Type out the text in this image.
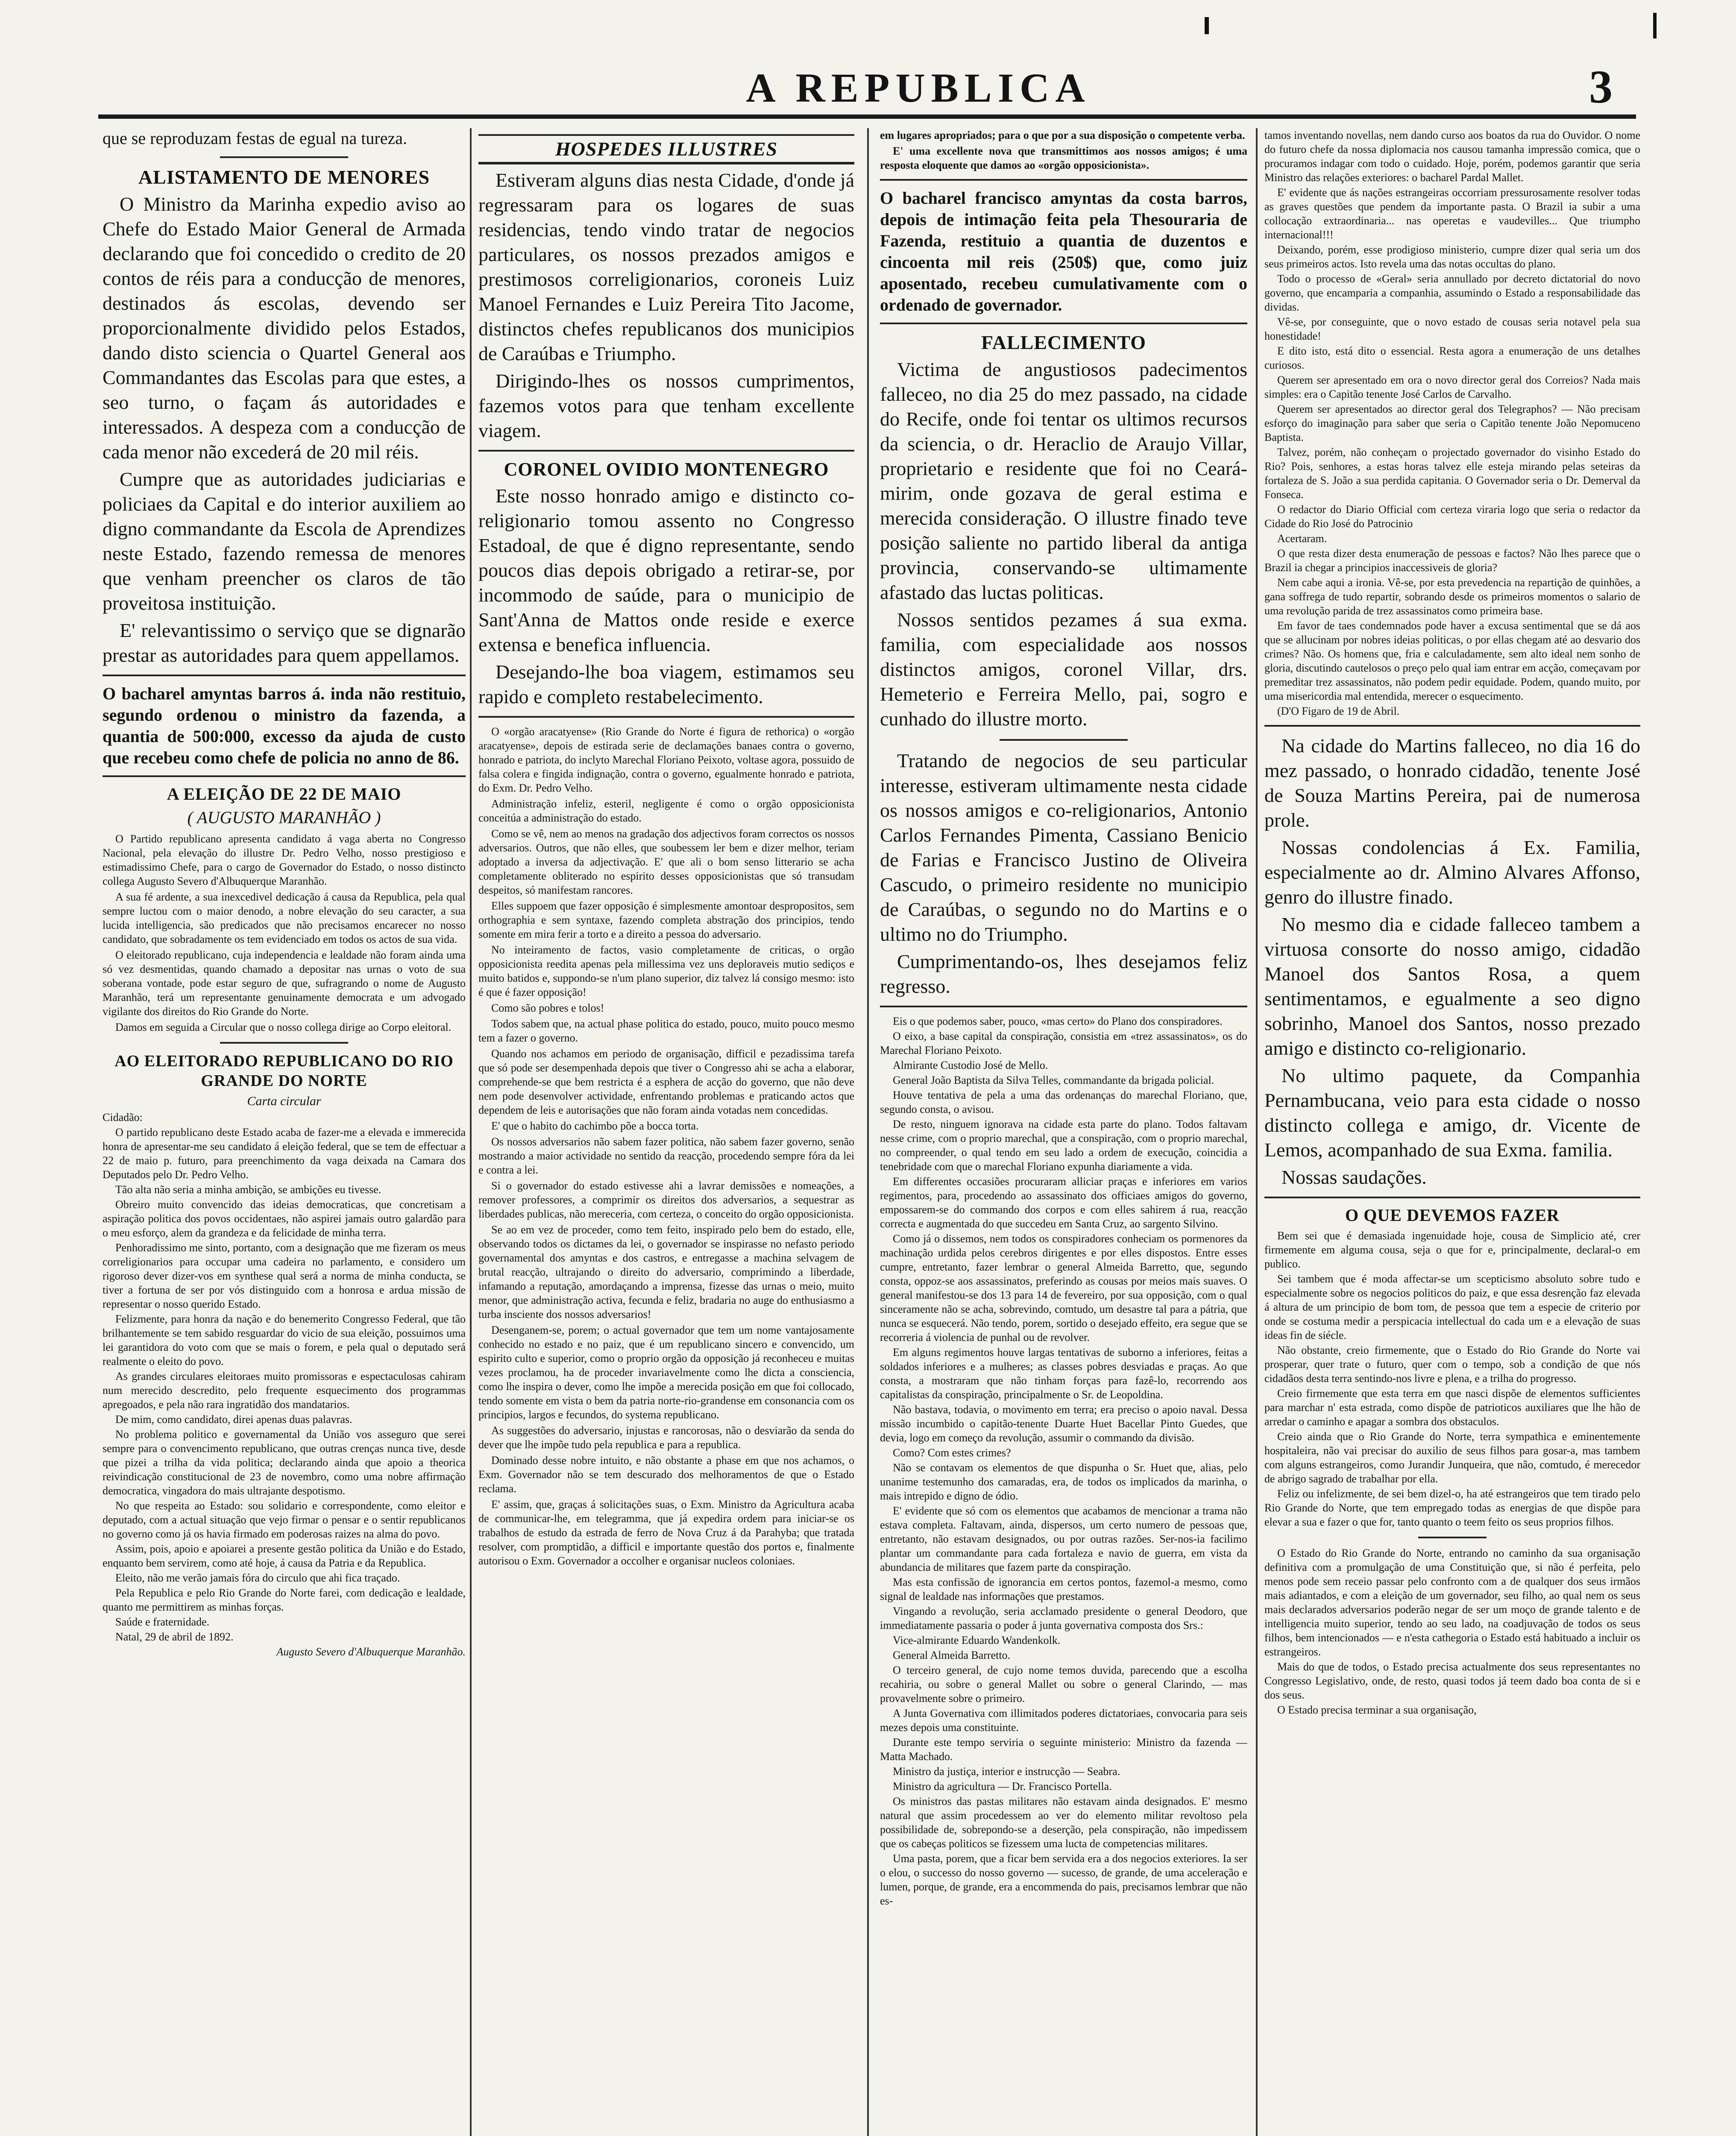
A REPUBLICA	3

que se reproduzam festas de egual na tureza.

ALISTAMENTO DE MENORES

O Ministro da Marinha expedio aviso ao Chefe do Estado Maior General de Armada declarando que foi concedido o credito de 20 contos de réis para a conducção de menores, destinados ás escolas, devendo ser proporcionalmente dividido pelos Estados, dando disto sciencia o Quartel General aos Commandantes das Escolas para que estes, a seo turno, o façam ás autoridades e interessados. A despeza com a conducção de cada menor não excederá de 20 mil réis.

Cumpre que as autoridades judiciarias e policiaes da Capital e do interior auxiliem ao digno commandante da Escola de Aprendizes neste Estado, fazendo remessa de menores que venham preencher os claros de tão proveitosa instituição.

E' relevantissimo o serviço que se dignarão prestar as autoridades para quem appellamos.

O bacharel amyntas barros á. inda não restituio, segundo ordenou o ministro da fazenda, a quantia de 500:000, excesso da ajuda de custo que recebeu como chefe de policia no anno de 86.

A ELEIÇÃO DE 22 DE MAIO
( AUGUSTO MARANHÃO )

O Partido republicano apresenta candidato á vaga aberta no Congresso Nacional, pela elevação do illustre Dr. Pedro Velho, nosso prestigioso e estimadissimo Chefe, para o cargo de Governador do Estado, o nosso distincto collega Augusto Severo d'Albuquerque Maranhão.

A sua fé ardente, a sua inexcedivel dedicação á causa da Republica, pela qual sempre luctou com o maior denodo, a nobre elevação do seu caracter, a sua lucida intelligencia, são predicados que não precisamos encarecer no nosso candidato, que sobradamente os tem evidenciado em todos os actos de sua vida.

O eleitorado republicano, cuja independencia e lealdade não foram ainda uma só vez desmentidas, quando chamado a depositar nas urnas o voto de sua soberana vontade, pode estar seguro de que, sufragrando o nome de Augusto Maranhão, terá um representante genuinamente democrata e um advogado vigilante dos direitos do Rio Grande do Norte.

Damos em seguida a Circular que o nosso collega dirige ao Corpo eleitoral.

AO ELEITORADO REPUBLICANO DO RIO GRANDE DO NORTE
Carta circular

Cidadão:

O partido republicano deste Estado acaba de fazer-me a elevada e immerecida honra de apresentar-me seu candidato á eleição federal, que se tem de effectuar a 22 de maio p. futuro, para preenchimento da vaga deixada na Camara dos Deputados pelo Dr. Pedro Velho.

Tão alta não seria a minha ambição, se ambições eu tivesse.

Obreiro muito convencido das ideias democraticas, que concretisam a aspiração politica dos povos occidentaes, não aspirei jamais outro galardão para o meu esforço, alem da grandeza e da felicidade de minha terra.

Penhoradissimo me sinto, portanto, com a designação que me fizeram os meus correligionarios para occupar uma cadeira no parlamento, e considero um rigoroso dever dizer-vos em synthese qual será a norma de minha conducta, se tiver a fortuna de ser por vós distinguido com a honrosa e ardua missão de representar o nosso querido Estado.

Felizmente, para honra da nação e do benemerito Congresso Federal, que tão brilhantemente se tem sabido resguardar do vicio de sua eleição, possuimos uma lei garantidora do voto com que se mais o forem, e pela qual o deputado será realmente o eleito do povo.

As grandes circulares eleitoraes muito promissoras e espectaculosas cahiram num merecido descredito, pelo frequente esquecimento dos programmas apregoados, e pela não rara ingratidão dos mandatarios.

De mim, como candidato, direi apenas duas palavras.

No problema politico e governamental da União vos asseguro que serei sempre para o convencimento republicano, que outras crenças nunca tive, desde que pizei a trilha da vida politica; declarando ainda que apoio a theorica reivindicação constitucional de 23 de novembro, como uma nobre affirmação democratica, vingadora do mais ultrajante despotismo.

No que respeita ao Estado: sou solidario e correspondente, como eleitor e deputado, com a actual situação que vejo firmar o pensar e o sentir republicanos no governo como já os havia firmado em poderosas raizes na alma do povo.

Assim, pois, apoio e apoiarei a presente gestão politica da União e do Estado, enquanto bem servirem, como até hoje, á causa da Patria e da Republica.

Eleito, não me verão jamais fóra do circulo que ahi fica traçado.

Pela Republica e pelo Rio Grande do Norte farei, com dedicação e lealdade, quanto me permittirem as minhas forças.

Saúde e fraternidade.

Natal, 29 de abril de 1892.

Augusto Severo d'Albuquerque Maranhão.

HOSPEDES ILLUSTRES

Estiveram alguns dias nesta Cidade, d'onde já regressaram para os logares de suas residencias, tendo vindo tratar de negocios particulares, os nossos prezados amigos e prestimosos correligionarios, coroneis Luiz Manoel Fernandes e Luiz Pereira Tito Jacome, distinctos chefes republicanos dos municipios de Caraúbas e Triumpho.

Dirigindo-lhes os nossos cumprimentos, fazemos votos para que tenham excellente viagem.

CORONEL OVIDIO MONTENEGRO

Este nosso honrado amigo e distincto co-religionario tomou assento no Congresso Estadoal, de que é digno representante, sendo poucos dias depois obrigado a retirar-se, por incommodo de saúde, para o municipio de Sant'Anna de Mattos onde reside e exerce extensa e benefica influencia.

Desejando-lhe boa viagem, estimamos seu rapido e completo restabelecimento.

O «orgão aracatyense» (Rio Grande do Norte é figura de rethorica) o «orgão aracatyense», depois de estirada serie de declamações banaes contra o governo, honrado e patriota, do inclyto Marechal Floriano Peixoto, voltase agora, possuido de falsa colera e fingida indignação, contra o governo, egualmente honrado e patriota, do Exm. Dr. Pedro Velho.

Administração infeliz, esteril, negligente é como o orgão opposicionista conceitúa a administração do estado.

Como se vê, nem ao menos na gradação dos adjectivos foram correctos os nossos adversarios. Outros, que não elles, que soubessem ler bem e dizer melhor, teriam adoptado a inversa da adjectivação. E' que ali o bom senso litterario se acha completamente obliterado no espirito desses opposicionistas que só transudam despeitos, só manifestam rancores.

Elles suppoem que fazer opposição é simplesmente amontoar despropositos, sem orthographia e sem syntaxe, fazendo completa abstração dos principios, tendo somente em mira ferir a torto e a direito a pessoa do adversario.

No inteiramento de factos, vasio completamente de criticas, o orgão opposicionista reedita apenas pela millessima vez uns deploraveis mutio sediços e muito batidos e, suppondo-se n'um plano superior, diz talvez lá consigo mesmo: isto é que é fazer opposição!

Como são pobres e tolos!

Todos sabem que, na actual phase politica do estado, pouco, muito pouco mesmo tem a fazer o governo.

Quando nos achamos em periodo de organisação, difficil e pezadissima tarefa que só pode ser desempenhada depois que tiver o Congresso ahi se acha a elaborar, comprehende-se que bem restricta é a esphera de acção do governo, que não deve nem pode desenvolver actividade, enfrentando problemas e praticando actos que dependem de leis e autorisações que não foram ainda votadas nem concedidas.

E' que o habito do cachimbo põe a bocca torta.

Os nossos adversarios não sabem fazer politica, não sabem fazer governo, senão mostrando a maior actividade no sentido da reacção, procedendo sempre fóra da lei e contra a lei.

Si o governador do estado estivesse ahi a lavrar demissões e nomeações, a remover professores, a comprimir os direitos dos adversarios, a sequestrar as liberdades publicas, não mereceria, com certeza, o conceito do orgão opposicionista.

Se ao em vez de proceder, como tem feito, inspirado pelo bem do estado, elle, observando todos os dictames da lei, o governador se inspirasse no nefasto periodo governamental dos amyntas e dos castros, e entregasse a machina selvagem de brutal reacção, ultrajando o direito do adversario, comprimindo a liberdade, infamando a reputação, amordaçando a imprensa, fizesse das urnas o meio, muito menor, que administração activa, fecunda e feliz, bradaria no auge do enthusiasmo a turba insciente dos nossos adversarios!

Desenganem-se, porem; o actual governador que tem um nome vantajosamente conhecido no estado e no paiz, que é um republicano sincero e convencido, um espirito culto e superior, como o proprio orgão da opposição já reconheceu e muitas vezes proclamou, ha de proceder invariavelmente como lhe dicta a consciencia, como lhe inspira o dever, como lhe impõe a merecida posição em que foi collocado, tendo somente em vista o bem da patria norte-rio-grandense em consonancia com os principios, largos e fecundos, do systema republicano.

As suggestões do adversario, injustas e rancorosas, não o desviarão da senda do dever que lhe impõe tudo pela republica e para a republica.

Dominado desse nobre intuito, e não obstante a phase em que nos achamos, o Exm. Governador não se tem descurado dos melhoramentos de que o Estado reclama.

E' assim, que, graças á solicitações suas, o Exm. Ministro da Agricultura acaba de communicar-lhe, em telegramma, que já expedira ordem para iniciar-se os trabalhos de estudo da estrada de ferro de Nova Cruz á da Parahyba; que tratada resolver, com promptidão, a difficil e importante questão dos portos e, finalmente autorisou o Exm. Governador a occolher e organisar nucleos coloniaes.

em lugares apropriados; para o que por a sua disposição o competente verba.

E' uma excellente nova que transmittimos aos nossos amigos; é uma resposta eloquente que damos ao «orgão opposicionista».

O bacharel francisco amyntas da costa barros, depois de intimação feita pela Thesouraria de Fazenda, restituio a quantia de duzentos e cincoenta mil reis (250$) que, como juiz aposentado, recebeu cumulativamente com o ordenado de governador.

FALLECIMENTO

Victima de angustiosos padecimentos falleceo, no dia 25 do mez passado, na cidade do Recife, onde foi tentar os ultimos recursos da sciencia, o dr. Heraclio de Araujo Villar, proprietario e residente que foi no Ceará-mirim, onde gozava de geral estima e merecida consideração. O illustre finado teve posição saliente no partido liberal da antiga provincia, conservando-se ultimamente afastado das luctas politicas.

Nossos sentidos pezames á sua exma. familia, com especialidade aos nossos distinctos amigos, coronel Villar, drs. Hemeterio e Ferreira Mello, pai, sogro e cunhado do illustre morto.

Tratando de negocios de seu particular interesse, estiveram ultimamente nesta cidade os nossos amigos e co-religionarios, Antonio Carlos Fernandes Pimenta, Cassiano Benicio de Farias e Francisco Justino de Oliveira Cascudo, o primeiro residente no municipio de Caraúbas, o segundo no do Martins e o ultimo no do Triumpho.

Cumprimentando-os, lhes desejamos feliz regresso.

Eis o que podemos saber, pouco, «mas certo» do Plano dos conspiradores.

O eixo, a base capital da conspiração, consistia em «trez assassinatos», os do Marechal Floriano Peixoto.

Almirante Custodio José de Mello.

General João Baptista da Silva Telles, commandante da brigada policial.

Houve tentativa de pela a uma das ordenanças do marechal Floriano, que, segundo consta, o avisou.

De resto, ninguem ignorava na cidade esta parte do plano. Todos faltavam nesse crime, com o proprio marechal, que a conspiração, com o proprio marechal, no compreender, o qual tendo em seu lado a ordem de execução, coincidia a tenebridade com que o marechal Floriano expunha diariamente a vida.

Em differentes occasiões procuraram alliciar praças e inferiores em varios regimentos, para, procedendo ao assassinato dos officiaes amigos do governo, empossarem-se do commando dos corpos e com elles sahirem á rua, reacção correcta e augmentada do que succedeu em Santa Cruz, ao sargento Silvino.

Como já o dissemos, nem todos os conspiradores conheciam os pormenores da machinação urdida pelos cerebros dirigentes e por elles dispostos. Entre esses cumpre, entretanto, fazer lembrar o general Almeida Barretto, que, segundo consta, oppoz-se aos assassinatos, preferindo as cousas por meios mais suaves. O general manifestou-se dos 13 para 14 de fevereiro, por sua opposição, com o qual sinceramente não se acha, sobrevindo, comtudo, um desastre tal para a pátria, que nunca se esquecerá. Não tendo, porem, sortido o desejado effeito, era segue que se recorreria á violencia de punhal ou de revolver.

Em alguns regimentos houve largas tentativas de suborno a inferiores, feitas a soldados inferiores e a mulheres; as classes pobres desviadas e praças. Ao que consta, a mostraram que não tinham forças para fazê-lo, recorrendo aos capitalistas da conspiração, principalmente o Sr. de Leopoldina.

Não bastava, todavia, o movimento em terra; era preciso o apoio naval. Dessa missão incumbido o capitão-tenente Duarte Huet Bacellar Pinto Guedes, que devia, logo em começo da revolução, assumir o commando da divisão.

Como? Com estes crimes?

Não se contavam os elementos de que dispunha o Sr. Huet que, alias, pelo unanime testemunho dos camaradas, era, de todos os implicados da marinha, o mais intrepido e digno de ódio.

E' evidente que só com os elementos que acabamos de mencionar a trama não estava completa. Faltavam, ainda, dispersos, um certo numero de pessoas que, entretanto, não estavam designados, ou por outras razões. Ser-nos-ia facilimo plantar um commandante para cada fortaleza e navio de guerra, em vista da abundancia de militares que fazem parte da conspiração.

Mas esta confissão de ignorancia em certos pontos, fazemol-a mesmo, como signal de lealdade nas informações que prestamos.

Vingando a revolução, seria acclamado presidente o general Deodoro, que immediatamente passaria o poder á junta governativa composta dos Srs.:

Vice-almirante Eduardo Wandenkolk.

General Almeida Barretto.

O terceiro general, de cujo nome temos duvida, parecendo que a escolha recahiria, ou sobre o general Mallet ou sobre o general Clarindo, — mas provavelmente sobre o primeiro.

A Junta Governativa com illimitados poderes dictatoriaes, convocaria para seis mezes depois uma constituinte.

Durante este tempo serviria o seguinte ministerio: Ministro da fazenda — Matta Machado.

Ministro da justiça, interior e instrucção — Seabra.

Ministro da agricultura — Dr. Francisco Portella.

Os ministros das pastas militares não estavam ainda designados. E' mesmo natural que assim procedessem ao ver do elemento militar revoltoso pela possibilidade de, sobrepondo-se a deserção, pela conspiração, não impedissem que os cabeças politicos se fizessem uma lucta de competencias militares.

Uma pasta, porem, que a ficar bem servida era a dos negocios exteriores. Ia ser o elou, o successo do nosso governo — sucesso, de grande, de uma acceleração e lumen, porque, de grande, era a encommenda do pais, precisamos lembrar que não es-

tamos inventando novellas, nem dando curso aos boatos da rua do Ouvidor. O nome do futuro chefe da nossa diplomacia nos causou tamanha impressão comica, que o procuramos indagar com todo o cuidado. Hoje, porém, podemos garantir que seria Ministro das relações exteriores: o bacharel Pardal Mallet.

E' evidente que ás nações estrangeiras occorriam pressurosamente resolver todas as graves questões que pendem da importante pasta. O Brazil ia subir a uma collocação extraordinaria... nas operetas e vaudevilles... Que triumpho internacional!!!

Deixando, porém, esse prodigioso ministerio, cumpre dizer qual seria um dos seus primeiros actos. Isto revela uma das notas occultas do plano.

Todo o processo de «Geral» seria annullado por decreto dictatorial do novo governo, que encamparia a companhia, assumindo o Estado a responsabilidade das dividas.

Vê-se, por conseguinte, que o novo estado de cousas seria notavel pela sua honestidade!

E dito isto, está dito o essencial. Resta agora a enumeração de uns detalhes curiosos.

Querem ser apresentado em ora o novo director geral dos Correios? Nada mais simples: era o Capitão tenente José Carlos de Carvalho.

Querem ser apresentados ao director geral dos Telegraphos? — Não precisam esforço do imaginação para saber que seria o Capitão tenente João Nepomuceno Baptista.

Talvez, porém, não conheçam o projectado governador do visinho Estado do Rio? Pois, senhores, a estas horas talvez elle esteja mirando pelas seteiras da fortaleza de S. João a sua perdida capitania. O Governador seria o Dr. Demerval da Fonseca.

O redactor do Diario Official com certeza viraria logo que seria o redactor da Cidade do Rio José do Patrocinio

Acertaram.

O que resta dizer desta enumeração de pessoas e factos? Não lhes parece que o Brazil ia chegar a principios inaccessiveis de gloria?

Nem cabe aqui a ironia. Vê-se, por esta prevedencia na repartição de quinhões, a gana soffrega de tudo repartir, sobrando desde os primeiros momentos o salario de uma revolução parida de trez assassinatos como primeira base.

Em favor de taes condemnados pode haver a excusa sentimental que se dá aos que se allucinam por nobres ideias politicas, o por ellas chegam até ao desvario dos crimes? Não. Os homens que, fria e calculadamente, sem alto ideal nem sonho de gloria, discutindo cautelosos o preço pelo qual iam entrar em acção, começavam por premeditar trez assassinatos, não podem pedir equidade. Podem, quando muito, por uma misericordia mal entendida, merecer o esquecimento.

(D'O Figaro de 19 de Abril.

Na cidade do Martins falleceo, no dia 16 do mez passado, o honrado cidadão, tenente José de Souza Martins Pereira, pai de numerosa prole.

Nossas condolencias á Ex. Familia, especialmente ao dr. Almino Alvares Affonso, genro do illustre finado.

No mesmo dia e cidade falleceo tambem a virtuosa consorte do nosso amigo, cidadão Manoel dos Santos Rosa, a quem sentimentamos, e egualmente a seo digno sobrinho, Manoel dos Santos, nosso prezado amigo e distincto co-religionario.

No ultimo paquete, da Companhia Pernambucana, veio para esta cidade o nosso distincto collega e amigo, dr. Vicente de Lemos, acompanhado de sua Exma. familia.

Nossas saudações.

O QUE DEVEMOS FAZER

Bem sei que é demasiada ingenuidade hoje, cousa de Simplicio até, crer firmemente em alguma cousa, seja o que for e, principalmente, declaral-o em publico.

Sei tambem que é moda affectar-se um scepticismo absoluto sobre tudo e especialmente sobre os negocios politicos do paiz, e que essa desrenção faz elevada á altura de um principio de bom tom, de pessoa que tem a especie de criterio por onde se costuma medir a perspicacia intellectual do cada um e a elevação de suas ideas fin de siécle.

Não obstante, creio firmemente, que o Estado do Rio Grande do Norte vai prosperar, quer trate o futuro, quer com o tempo, sob a condição de que nós cidadãos desta terra sentindo-nos livre e plena, e a trilha do progresso.

Creio firmemente que esta terra em que nasci dispõe de elementos sufficientes para marchar n' esta estrada, como dispõe de patrioticos auxiliares que lhe hão de arredar o caminho e apagar a sombra dos obstaculos.

Creio ainda que o Rio Grande do Norte, terra sympathica e eminentemente hospitaleira, não vai precisar do auxilio de seus filhos para gosar-a, mas tambem com alguns estrangeiros, como Jurandir Junqueira, que não, comtudo, é merecedor de abrigo sagrado de trabalhar por ella.

Feliz ou infelizmente, de sei bem dizel-o, ha até estrangeiros que tem tirado pelo Rio Grande do Norte, que tem empregado todas as energias de que dispõe para elevar a sua e fazer o que for, tanto quanto o teem feito os seus proprios filhos.

O Estado do Rio Grande do Norte, entrando no caminho da sua organisação definitiva com a promulgação de uma Constituição que, si não é perfeita, pelo menos pode sem receio passar pelo confronto com a de qualquer dos seus irmãos mais adiantados, e com a eleição de um governador, seu filho, ao qual nem os seus mais declarados adversarios poderão negar de ser um moço de grande talento e de intelligencia muito superior, tendo ao seu lado, na coadjuvação de todos os seus filhos, bem intencionados — e n'esta cathegoria o Estado está habituado a incluir os estrangeiros.

Mais do que de todos, o Estado precisa actualmente dos seus representantes no Congresso Legislativo, onde, de resto, quasi todos já teem dado boa conta de si e dos seus.

O Estado precisa terminar a sua organisação,
